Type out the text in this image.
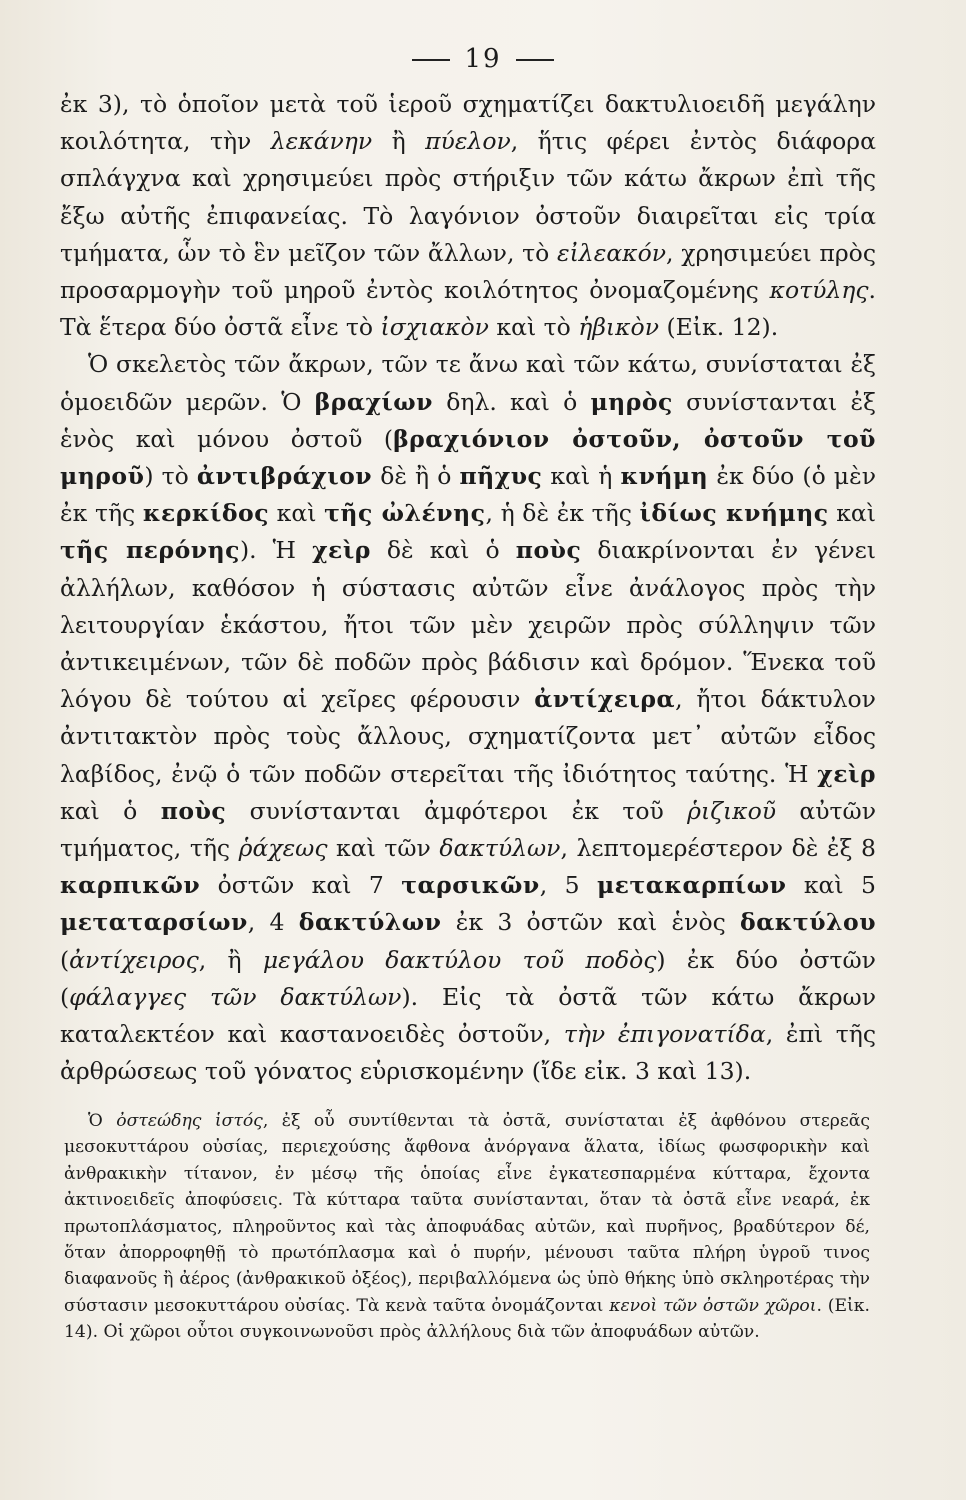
19

ἐκ 3), τὸ ὁποῖον μετὰ τοῦ ἱεροῦ σχηματίζει δακτυλιοειδῆ μεγάλην κοιλότητα, τὴν λεκάνην ἢ πύελον, ἥτις φέρει ἐντὸς διάφορα σπλάγχνα καὶ χρησιμεύει πρὸς στήριξιν τῶν κάτω ἄκρων ἐπὶ τῆς ἔξω αὐτῆς ἐπιφανείας. Τὸ λαγόνιον ὀστοῦν διαιρεῖται εἰς τρία τμήματα, ὧν τὸ ἓν μεῖζον τῶν ἄλλων, τὸ εἰλεακόν, χρησιμεύει πρὸς προσαρμογὴν τοῦ μηροῦ ἐντὸς κοιλότητος ὀνομαζομένης κοτύλης. Τὰ ἕτερα δύο ὀστᾶ εἶνε τὸ ἰσχιακὸν καὶ τὸ ἡβικὸν (Εἰκ. 12).

Ὁ σκελετὸς τῶν ἄκρων, τῶν τε ἄνω καὶ τῶν κάτω, συνίσταται ἐξ ὁμοειδῶν μερῶν. Ὁ βραχίων δηλ. καὶ ὁ μηρὸς συνίστανται ἐξ ἑνὸς καὶ μόνου ὀστοῦ (βραχιόνιον ὀστοῦν, ὀστοῦν τοῦ μηροῦ) τὸ ἀντιβράχιον δὲ ἢ ὁ πῆχυς καὶ ἡ κνήμη ἐκ δύο (ὁ μὲν ἐκ τῆς κερκίδος καὶ τῆς ὠλένης, ἡ δὲ ἐκ τῆς ἰδίως κνήμης καὶ τῆς περόνης). Ἡ χεὶρ δὲ καὶ ὁ ποὺς διακρίνονται ἐν γένει ἀλλήλων, καθόσον ἡ σύστασις αὐτῶν εἶνε ἀνάλογος πρὸς τὴν λειτουργίαν ἑκάστου, ἤτοι τῶν μὲν χειρῶν πρὸς σύλληψιν τῶν ἀντικειμένων, τῶν δὲ ποδῶν πρὸς βάδισιν καὶ δρόμον. Ἕνεκα τοῦ λόγου δὲ τούτου αἱ χεῖρες φέρουσιν ἀντίχειρα, ἤτοι δάκτυλον ἀντιτακτὸν πρὸς τοὺς ἄλλους, σχηματίζοντα μετ᾽ αὐτῶν εἶδος λαβίδος, ἐνῷ ὁ τῶν ποδῶν στερεῖται τῆς ἰδιότητος ταύτης. Ἡ χεὶρ καὶ ὁ ποὺς συνίστανται ἀμφότεροι ἐκ τοῦ ῥιζικοῦ αὐτῶν τμήματος, τῆς ῥάχεως καὶ τῶν δακτύλων, λεπτομερέστερον δὲ ἐξ 8 καρπικῶν ὀστῶν καὶ 7 ταρσικῶν, 5 μετακαρπίων καὶ 5 μεταταρσίων, 4 δακτύλων ἐκ 3 ὀστῶν καὶ ἑνὸς δακτύλου (ἀντίχειρος, ἢ μεγάλου δακτύλου τοῦ ποδὸς) ἐκ δύο ὀστῶν (φάλαγγες τῶν δακτύλων). Εἰς τὰ ὀστᾶ τῶν κάτω ἄκρων καταλεκτέον καὶ καστανοειδὲς ὀστοῦν, τὴν ἐπιγονατίδα, ἐπὶ τῆς ἀρθρώσεως τοῦ γόνατος εὑρισκομένην (ἴδε εἰκ. 3 καὶ 13).

Ὁ ὀστεώδης ἱστός, ἐξ οὗ συντίθενται τὰ ὀστᾶ, συνίσταται ἐξ ἀφθόνου στερεᾶς μεσοκυττάρου οὐσίας, περιεχούσης ἄφθονα ἀνόργανα ἅλατα, ἰδίως φωσφορικὴν καὶ ἀνθρακικὴν τίτανον, ἐν μέσῳ τῆς ὁποίας εἶνε ἐγκατεσπαρμένα κύτταρα, ἔχοντα ἀκτινοειδεῖς ἀποφύσεις. Τὰ κύτταρα ταῦτα συνίστανται, ὅταν τὰ ὀστᾶ εἶνε νεαρά, ἐκ πρωτοπλάσματος, πληροῦντος καὶ τὰς ἀποφυάδας αὐτῶν, καὶ πυρῆνος, βραδύτερον δέ, ὅταν ἀπορροφηθῇ τὸ πρωτόπλασμα καὶ ὁ πυρήν, μένουσι ταῦτα πλήρη ὑγροῦ τινος διαφανοῦς ἢ ἀέρος (ἀνθρακικοῦ ὀξέος), περιβαλλόμενα ὡς ὑπὸ θήκης ὑπὸ σκληροτέρας τὴν σύστασιν μεσοκυττάρου οὐσίας. Τὰ κενὰ ταῦτα ὀνομάζονται κενοὶ τῶν ὀστῶν χῶροι. (Εἰκ. 14). Οἱ χῶροι οὗτοι συγκοινωνοῦσι πρὸς ἀλλήλους διὰ τῶν ἀποφυάδων αὐτῶν.
